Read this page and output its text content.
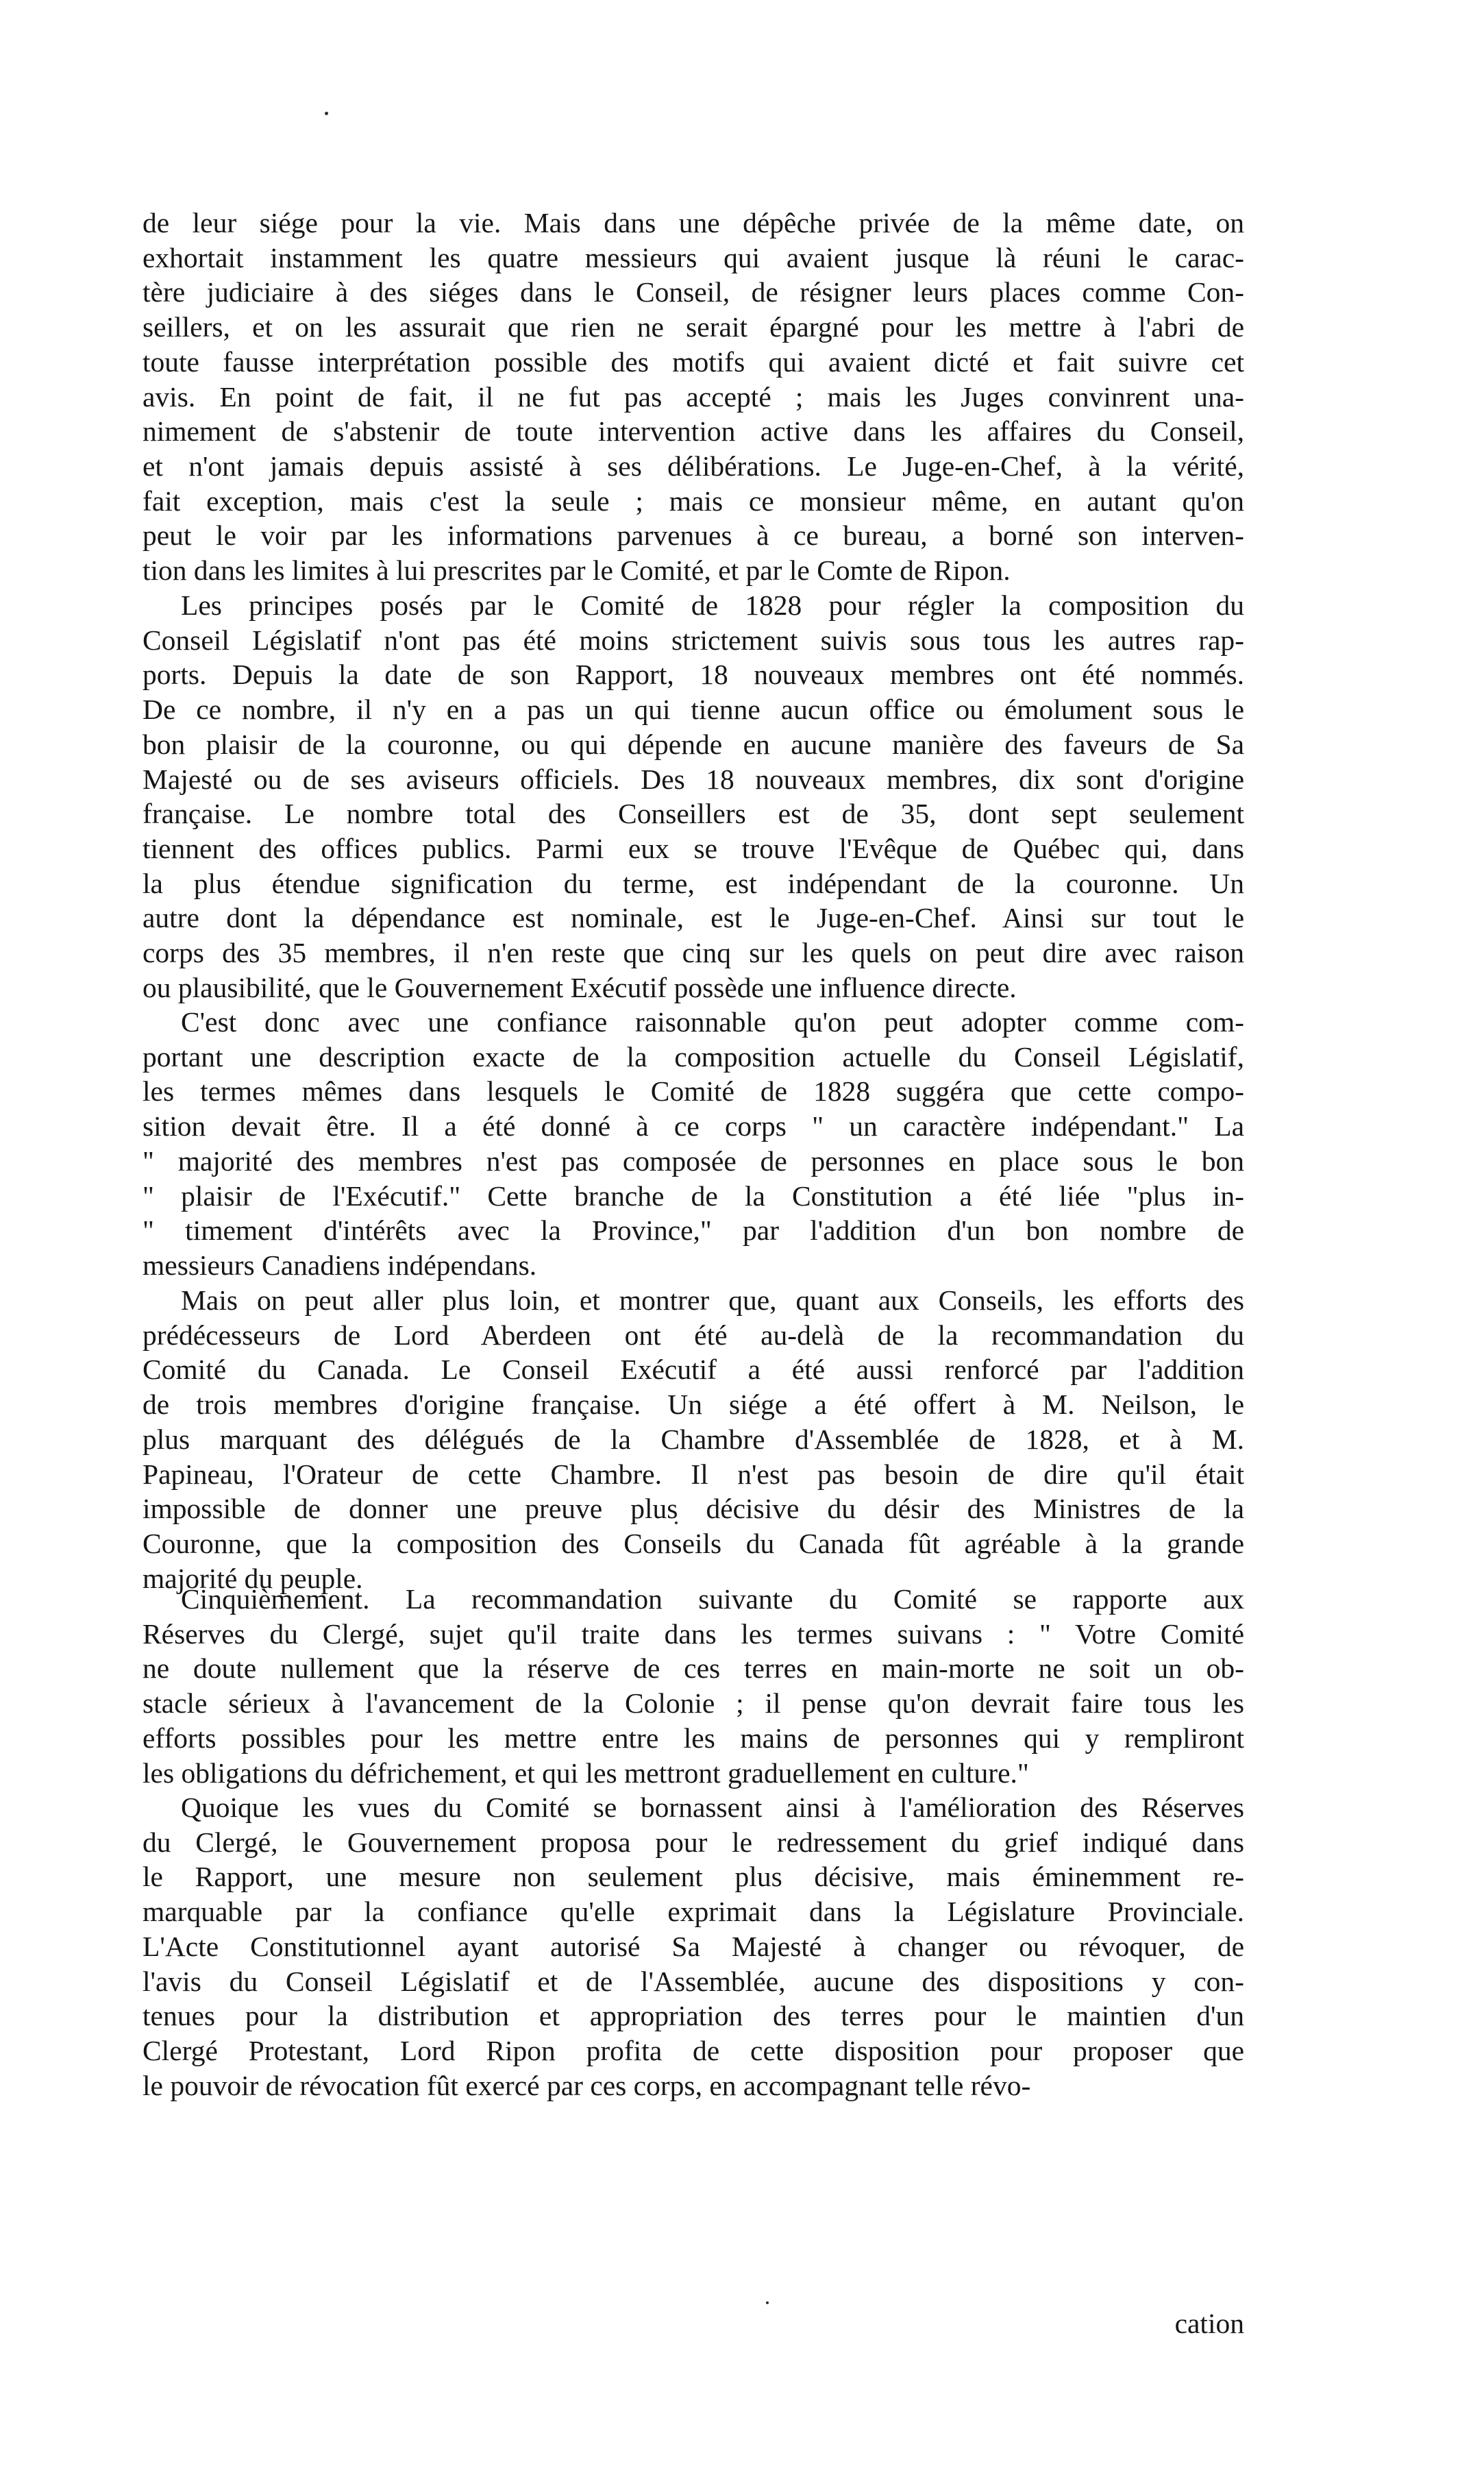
de leur siége pour la vie. Mais dans une dépêche privée de la même date, on
exhortait instamment les quatre messieurs qui avaient jusque là réuni le carac-
tère judiciaire à des siéges dans le Conseil, de résigner leurs places comme Con-
seillers, et on les assurait que rien ne serait épargné pour les mettre à l'abri de
toute fausse interprétation possible des motifs qui avaient dicté et fait suivre cet
avis. En point de fait, il ne fut pas accepté ; mais les Juges convinrent una-
nimement de s'abstenir de toute intervention active dans les affaires du Conseil,
et n'ont jamais depuis assisté à ses délibérations. Le Juge-en-Chef, à la vérité,
fait exception, mais c'est la seule ; mais ce monsieur même, en autant qu'on
peut le voir par les informations parvenues à ce bureau, a borné son interven-
tion dans les limites à lui prescrites par le Comité, et par le Comte de Ripon.

Les principes posés par le Comité de 1828 pour régler la composition du
Conseil Législatif n'ont pas été moins strictement suivis sous tous les autres rap-
ports. Depuis la date de son Rapport, 18 nouveaux membres ont été nommés.
De ce nombre, il n'y en a pas un qui tienne aucun office ou émolument sous le
bon plaisir de la couronne, ou qui dépende en aucune manière des faveurs de Sa
Majesté ou de ses aviseurs officiels. Des 18 nouveaux membres, dix sont d'origine
française. Le nombre total des Conseillers est de 35, dont sept seulement
tiennent des offices publics. Parmi eux se trouve l'Evêque de Québec qui, dans
la plus étendue signification du terme, est indépendant de la couronne. Un
autre dont la dépendance est nominale, est le Juge-en-Chef. Ainsi sur tout le
corps des 35 membres, il n'en reste que cinq sur les quels on peut dire avec raison
ou plausibilité, que le Gouvernement Exécutif possède une influence directe.

C'est donc avec une confiance raisonnable qu'on peut adopter comme com-
portant une description exacte de la composition actuelle du Conseil Législatif,
les termes mêmes dans lesquels le Comité de 1828 suggéra que cette compo-
sition devait être. Il a été donné à ce corps " un caractère indépendant." La
" majorité des membres n'est pas composée de personnes en place sous le bon
" plaisir de l'Exécutif." Cette branche de la Constitution a été liée "plus in-
" timement d'intérêts avec la Province," par l'addition d'un bon nombre de
messieurs Canadiens indépendans.

Mais on peut aller plus loin, et montrer que, quant aux Conseils, les efforts des
prédécesseurs de Lord Aberdeen ont été au-delà de la recommandation du
Comité du Canada. Le Conseil Exécutif a été aussi renforcé par l'addition
de trois membres d'origine française. Un siége a été offert à M. Neilson, le
plus marquant des délégués de la Chambre d'Assemblée de 1828, et à M.
Papineau, l'Orateur de cette Chambre. Il n'est pas besoin de dire qu'il était
impossible de donner une preuve plus décisive du désir des Ministres de la
Couronne, que la composition des Conseils du Canada fût agréable à la grande
majorité du peuple.

Cinquièmement. La recommandation suivante du Comité se rapporte aux
Réserves du Clergé, sujet qu'il traite dans les termes suivans : " Votre Comité
ne doute nullement que la réserve de ces terres en main-morte ne soit un ob-
stacle sérieux à l'avancement de la Colonie ; il pense qu'on devrait faire tous les
efforts possibles pour les mettre entre les mains de personnes qui y rempliront
les obligations du défrichement, et qui les mettront graduellement en culture."

Quoique les vues du Comité se bornassent ainsi à l'amélioration des Réserves
du Clergé, le Gouvernement proposa pour le redressement du grief indiqué dans
le Rapport, une mesure non seulement plus décisive, mais éminemment re-
marquable par la confiance qu'elle exprimait dans la Législature Provinciale.
L'Acte Constitutionnel ayant autorisé Sa Majesté à changer ou révoquer, de
l'avis du Conseil Législatif et de l'Assemblée, aucune des dispositions y con-
tenues pour la distribution et appropriation des terres pour le maintien d'un
Clergé Protestant, Lord Ripon profita de cette disposition pour proposer que
le pouvoir de révocation fût exercé par ces corps, en accompagnant telle révo-

cation
